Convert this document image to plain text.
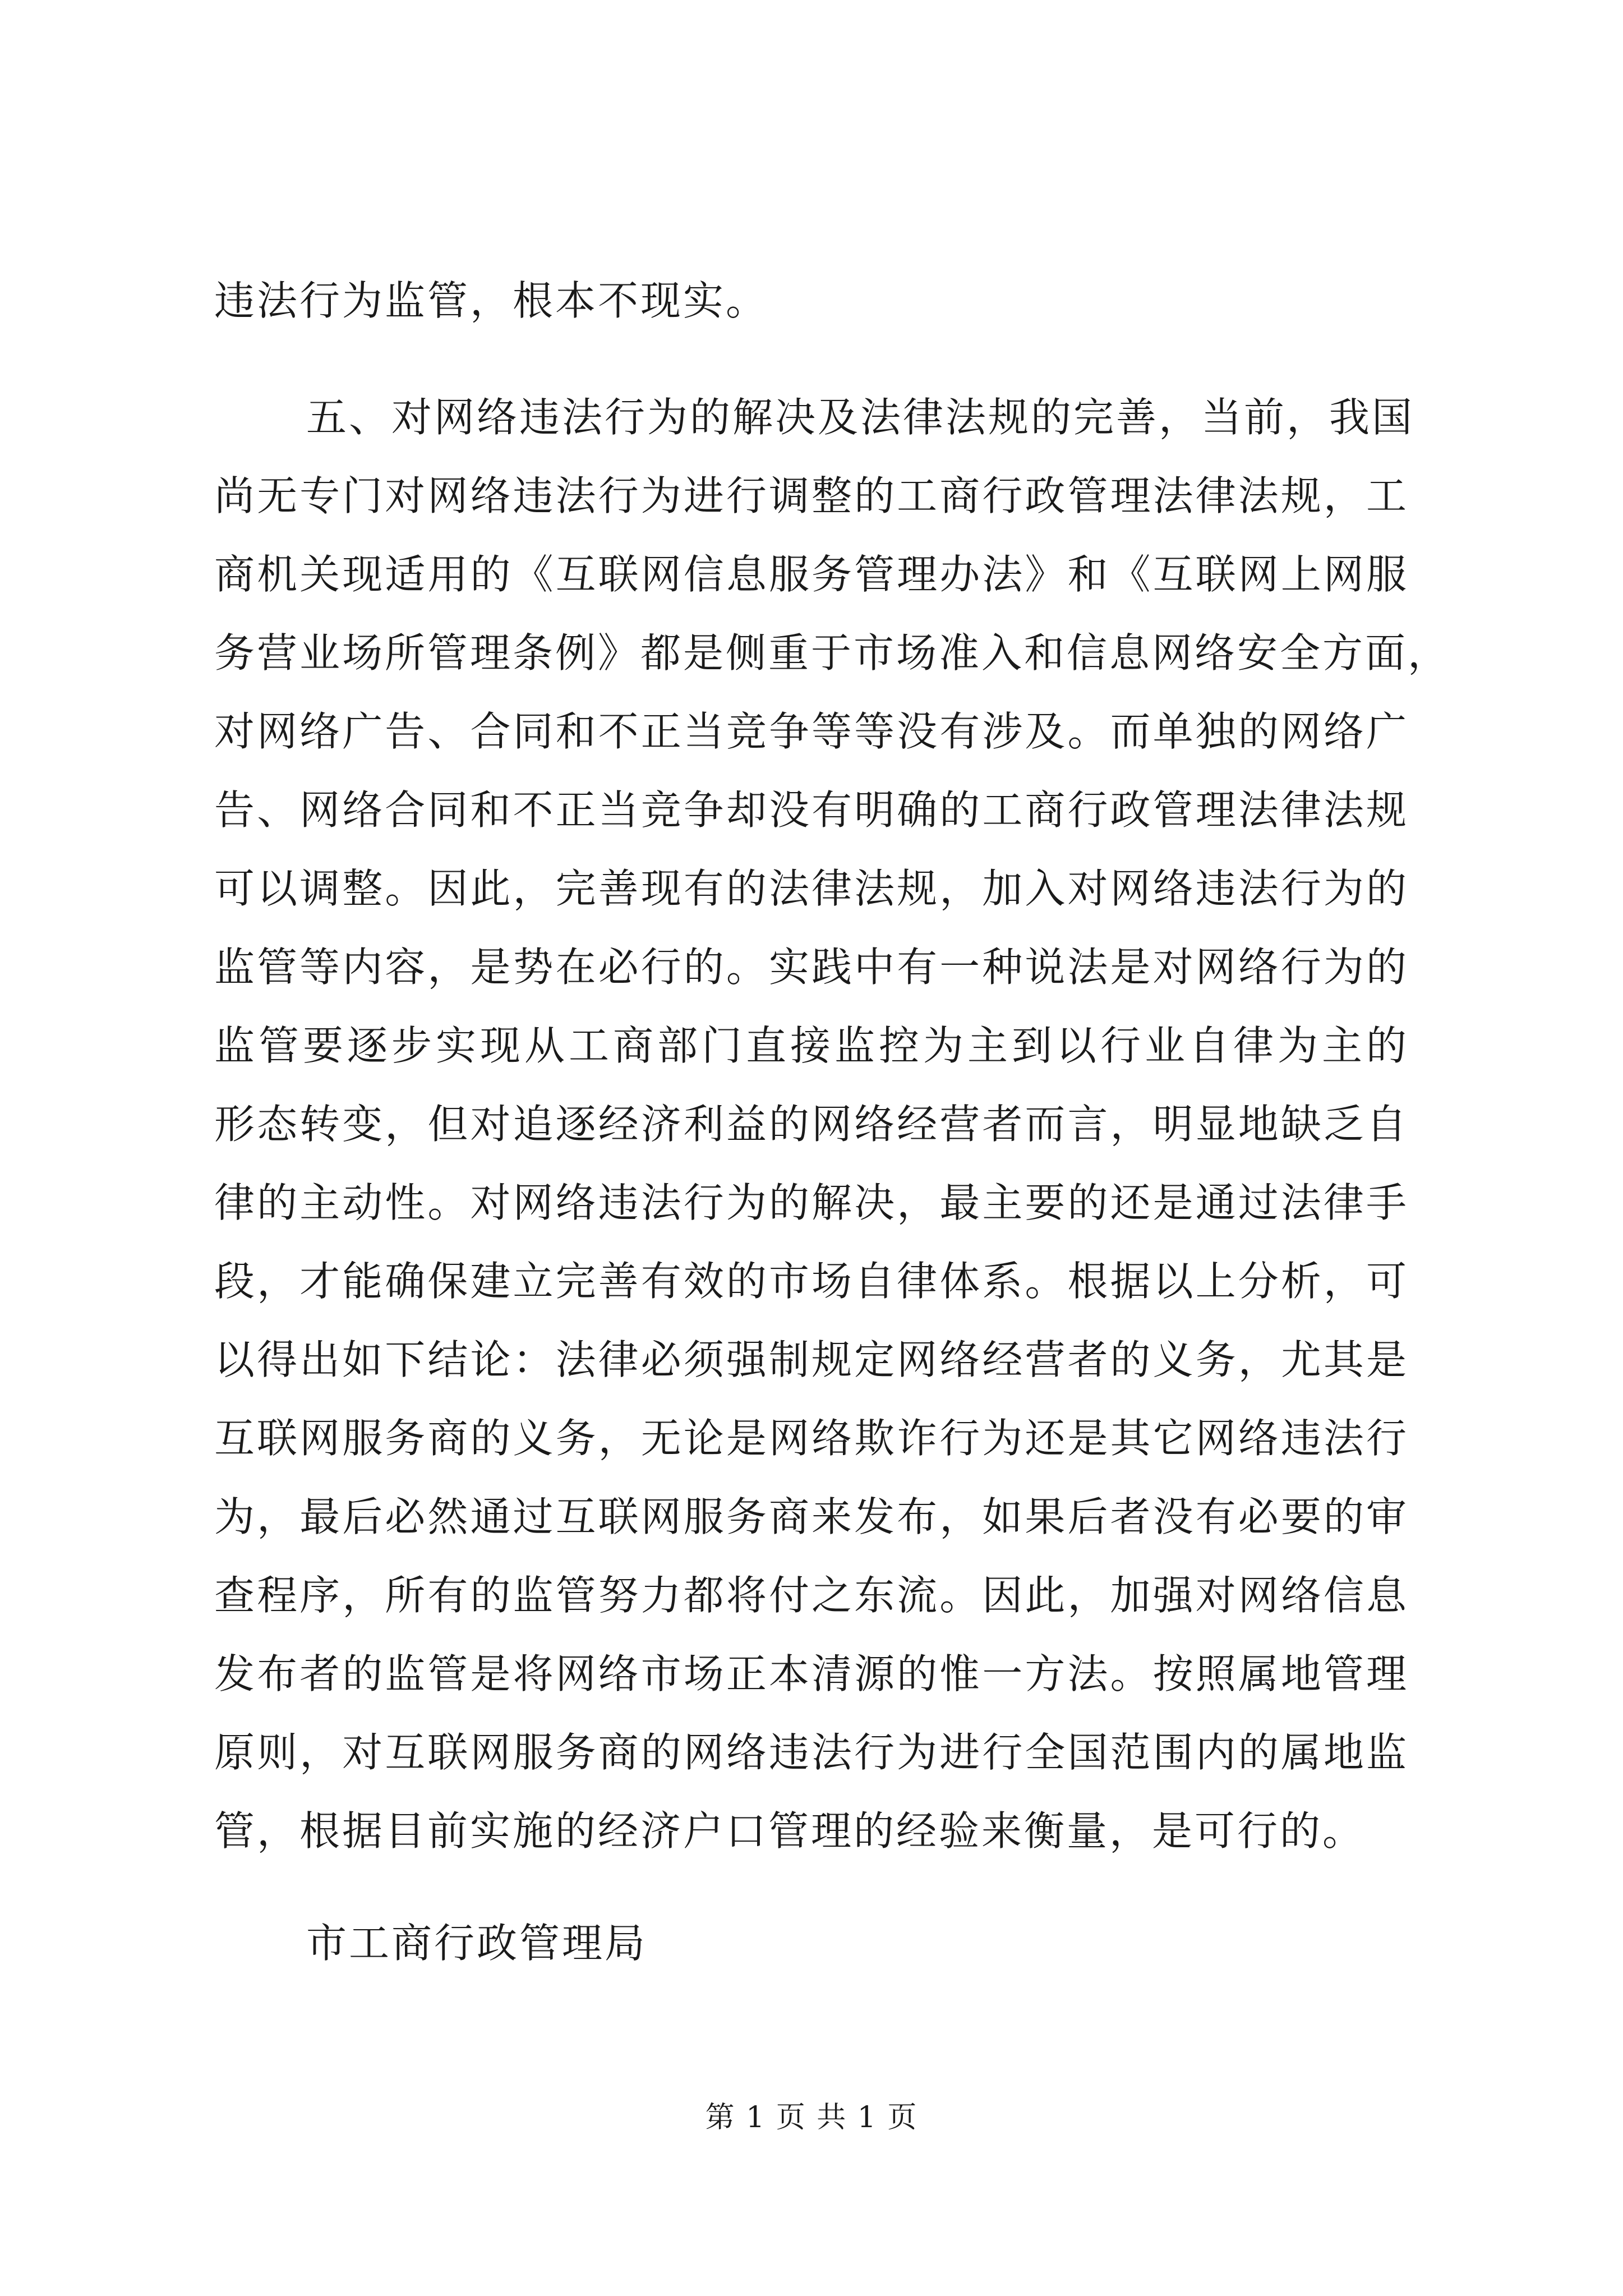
违法行为监管，根本不现实。
五、对网络违法行为的解决及法律法规的完善，当前，我国
尚无专门对网络违法行为进行调整的工商行政管理法律法规，工
商机关现适用的《互联网信息服务管理办法》和《互联网上网服
务营业场所管理条例》都是侧重于市场准入和信息网络安全方面，
对网络广告、合同和不正当竞争等等没有涉及。而单独的网络广
告、网络合同和不正当竞争却没有明确的工商行政管理法律法规
可以调整。因此，完善现有的法律法规，加入对网络违法行为的
监管等内容，是势在必行的。实践中有一种说法是对网络行为的
监管要逐步实现从工商部门直接监控为主到以行业自律为主的
形态转变，但对追逐经济利益的网络经营者而言，明显地缺乏自
律的主动性。对网络违法行为的解决，最主要的还是通过法律手
段，才能确保建立完善有效的市场自律体系。根据以上分析，可
以得出如下结论：法律必须强制规定网络经营者的义务，尤其是
互联网服务商的义务，无论是网络欺诈行为还是其它网络违法行
为，最后必然通过互联网服务商来发布，如果后者没有必要的审
查程序，所有的监管努力都将付之东流。因此，加强对网络信息
发布者的监管是将网络市场正本清源的惟一方法。按照属地管理
原则，对互联网服务商的网络违法行为进行全国范围内的属地监
管，根据目前实施的经济户口管理的经验来衡量，是可行的。
市工商行政管理局
第 1 页 共 1 页
